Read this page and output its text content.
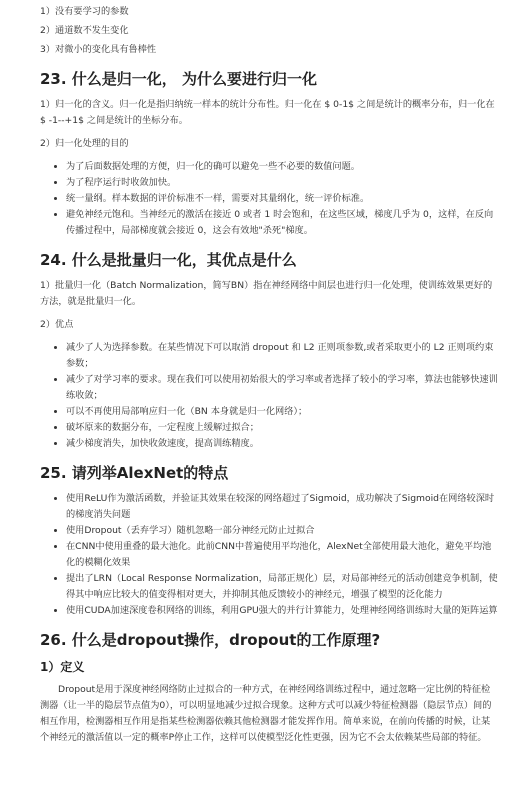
1）没有要学习的参数

2）通道数不发生变化

3）对微小的变化具有鲁棒性

23. 什么是归一化， 为什么要进行归一化

1）归一化的含义。归一化是指归纳统一样本的统计分布性。归一化在 $ 0-1$ 之间是统计的概率分布，归一化在$ -1--+1$ 之间是统计的坐标分布。

2）归一化处理的目的

• 为了后面数据处理的方便，归一化的确可以避免一些不必要的数值问题。
• 为了程序运行时收敛加快。
• 统一量纲。样本数据的评价标准不一样，需要对其量纲化，统一评价标准。
• 避免神经元饱和。当神经元的激活在接近 0 或者 1 时会饱和，在这些区域，梯度几乎为 0，这样，在反向传播过程中，局部梯度就会接近 0，这会有效地"杀死"梯度。
24. 什么是批量归一化，其优点是什么

1）批量归一化（Batch Normalization，简写BN）指在神经网络中间层也进行归一化处理，使训练效果更好的方法，就是批量归一化。

2）优点

• 减少了人为选择参数。在某些情况下可以取消 dropout 和 L2 正则项参数,或者采取更小的 L2 正则项约束参数；
• 减少了对学习率的要求。现在我们可以使用初始很大的学习率或者选择了较小的学习率，算法也能够快速训练收敛；
• 可以不再使用局部响应归一化（BN 本身就是归一化网络）；
• 破坏原来的数据分布，一定程度上缓解过拟合；
• 减少梯度消失，加快收敛速度，提高训练精度。
25. 请列举AlexNet的特点
• 使用ReLU作为激活函数，并验证其效果在较深的网络超过了Sigmoid，成功解决了Sigmoid在网络较深时的梯度消失问题
• 使用Dropout（丢弃学习）随机忽略一部分神经元防止过拟合
• 在CNN中使用重叠的最大池化。此前CNN中普遍使用平均池化，AlexNet全部使用最大池化，避免平均池化的模糊化效果
• 提出了LRN（Local Response Normalization，局部正规化）层，对局部神经元的活动创建竞争机制，使得其中响应比较大的值变得相对更大，并抑制其他反馈较小的神经元，增强了模型的泛化能力
• 使用CUDA加速深度卷积网络的训练，利用GPU强大的并行计算能力，处理神经网络训练时大量的矩阵运算
26. 什么是dropout操作，dropout的工作原理?
1）定义

Dropout是用于深度神经网络防止过拟合的一种方式，在神经网络训练过程中，通过忽略一定比例的特征检测器（让一半的隐层节点值为0），可以明显地减少过拟合现象。这种方式可以减少特征检测器（隐层节点）间的相互作用，检测器相互作用是指某些检测器依赖其他检测器才能发挥作用。简单来说，在前向传播的时候，让某个神经元的激活值以一定的概率P停止工作，这样可以使模型泛化性更强，因为它不会太依赖某些局部的特征。
